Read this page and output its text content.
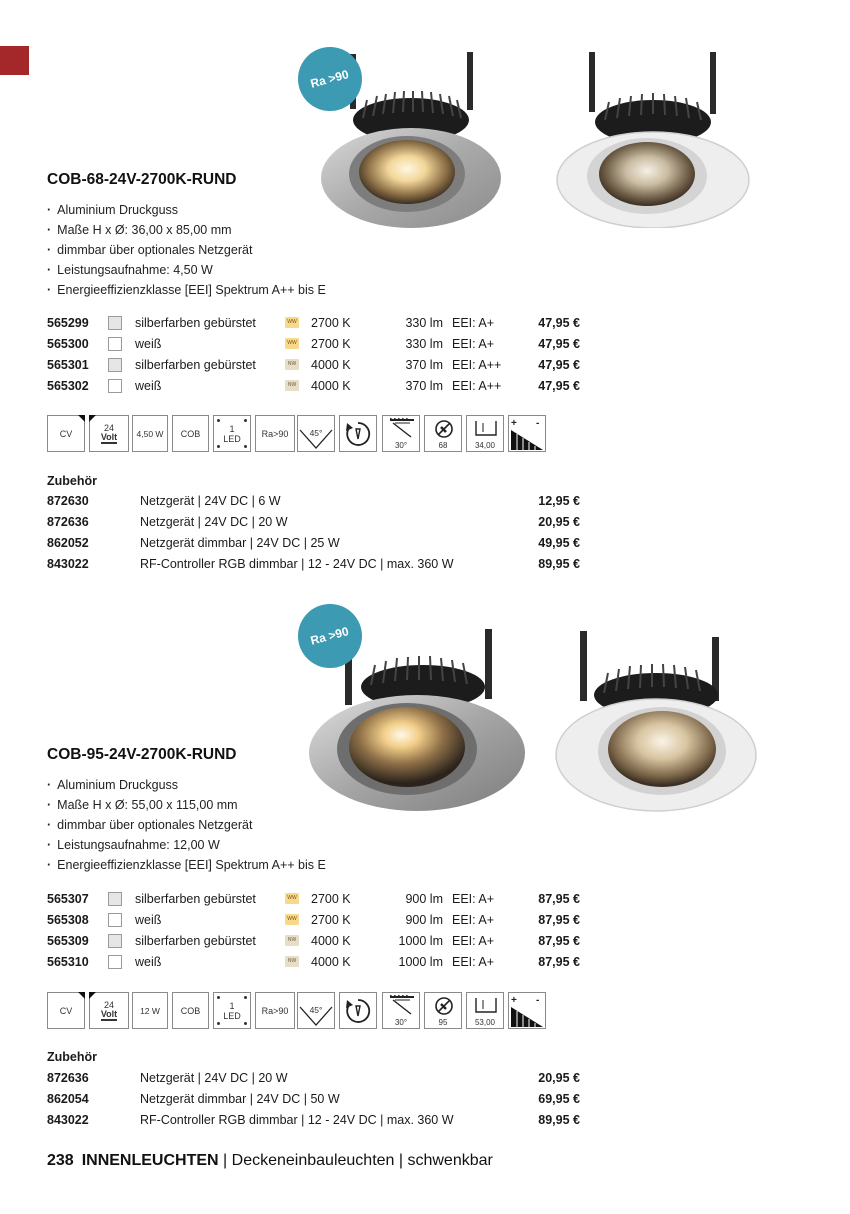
Ra >90
COB-68-24V-2700K-RUND
· Aluminium Druckguss
· Maße H x Ø: 36,00 x 85,00 mm
· dimmbar über optionales Netzgerät
· Leistungsaufnahme: 4,50 W
· Energieeffizienzklasse [EEI] Spektrum A++ bis E
565299	silberfarben gebürstet	WW 2700 K	330 lm EEI: A+	47,95 €
565300	weiß	WW 2700 K	330 lm EEI: A+	47,95 €
565301	silberfarben gebürstet	NW 4000 K	370 lm EEI: A++	47,95 €
565302	weiß	NW 4000 K	370 lm EEI: A++	47,95 €
CV
24
Volt	4,50 W	COB	1
LED	Ra>90	45°
30°	68	34,00
+ -
Zubehör
872630	Netzgerät | 24V DC | 6 W	12,95 €
872636	Netzgerät | 24V DC | 20 W	20,95 €
862052	Netzgerät dimmbar | 24V DC | 25 W	49,95 €
843022	RF-Controller RGB dimmbar | 12 - 24V DC | max. 360 W	89,95 €
Ra >90
COB-95-24V-2700K-RUND
· Aluminium Druckguss
· Maße H x Ø: 55,00 x 115,00 mm
· dimmbar über optionales Netzgerät
· Leistungsaufnahme: 12,00 W
· Energieeffizienzklasse [EEI] Spektrum A++ bis E
565307	silberfarben gebürstet	WW 2700 K	900 lm EEI: A+	87,95 €
565308	weiß	WW 2700 K	900 lm EEI: A+	87,95 €
565309	silberfarben gebürstet	NW 4000 K	1000 lm EEI: A+	87,95 €
565310	weiß	NW 4000 K	1000 lm EEI: A+	87,95 €
CV
24
Volt	12 W	COB	1
LED	Ra>90	45°
30°	95	53,00
+ -
Zubehör
872636	Netzgerät | 24V DC | 20 W	20,95 €
862054	Netzgerät dimmbar | 24V DC | 50 W	69,95 €
843022	RF-Controller RGB dimmbar | 12 - 24V DC | max. 360 W	89,95 €
238 INNENLEUCHTEN | Deckeneinbauleuchten | schwenkbar
